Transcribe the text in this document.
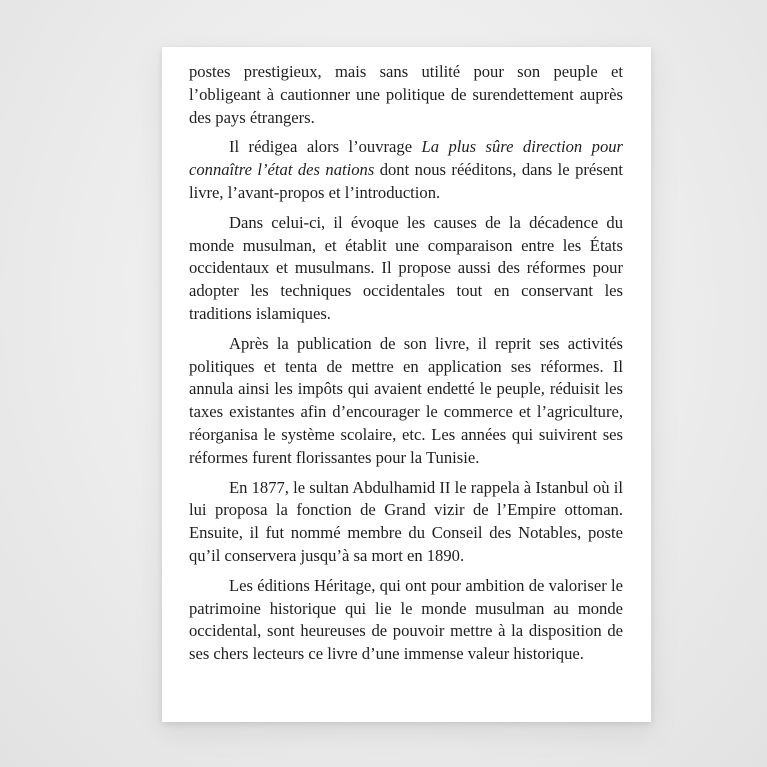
postes prestigieux, mais sans utilité pour son peuple et l’obligeant à cautionner une politique de surendettement auprès des pays étrangers.

Il rédigea alors l’ouvrage La plus sûre direction pour connaître l’état des nations dont nous rééditons, dans le présent livre, l’avant-propos et l’introduction.

Dans celui-ci, il évoque les causes de la décadence du monde musulman, et établit une comparaison entre les États occidentaux et musulmans. Il propose aussi des réformes pour adopter les techniques occidentales tout en conservant les traditions islamiques.

Après la publication de son livre, il reprit ses activités politiques et tenta de mettre en application ses réformes. Il annula ainsi les impôts qui avaient endetté le peuple, réduisit les taxes existantes afin d’encourager le commerce et l’agriculture, réorganisa le système scolaire, etc. Les années qui suivirent ses réformes furent florissantes pour la Tunisie.

En 1877, le sultan Abdulhamid II le rappela à Istanbul où il lui proposa la fonction de Grand vizir de l’Empire ottoman. Ensuite, il fut nommé membre du Conseil des Notables, poste qu’il conservera jusqu’à sa mort en 1890.

Les éditions Héritage, qui ont pour ambition de valoriser le patrimoine historique qui lie le monde musulman au monde occidental, sont heureuses de pouvoir mettre à la disposition de ses chers lecteurs ce livre d’une immense valeur historique.
